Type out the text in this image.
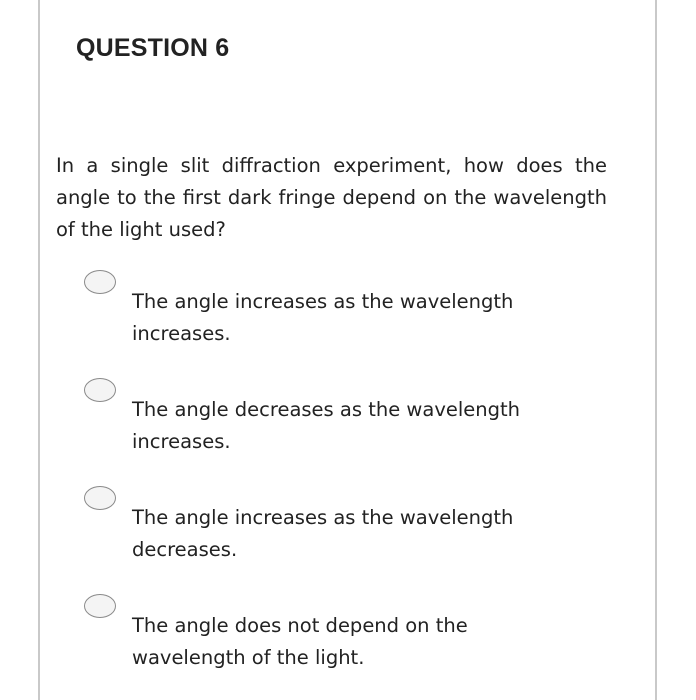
QUESTION 6
In a single slit diffraction experiment, how does the angle to the first dark fringe depend on the wavelength of the light used?
The angle increases as the wavelength increases.
The angle decreases as the wavelength increases.
The angle increases as the wavelength decreases.
The angle does not depend on the wavelength of the light.
